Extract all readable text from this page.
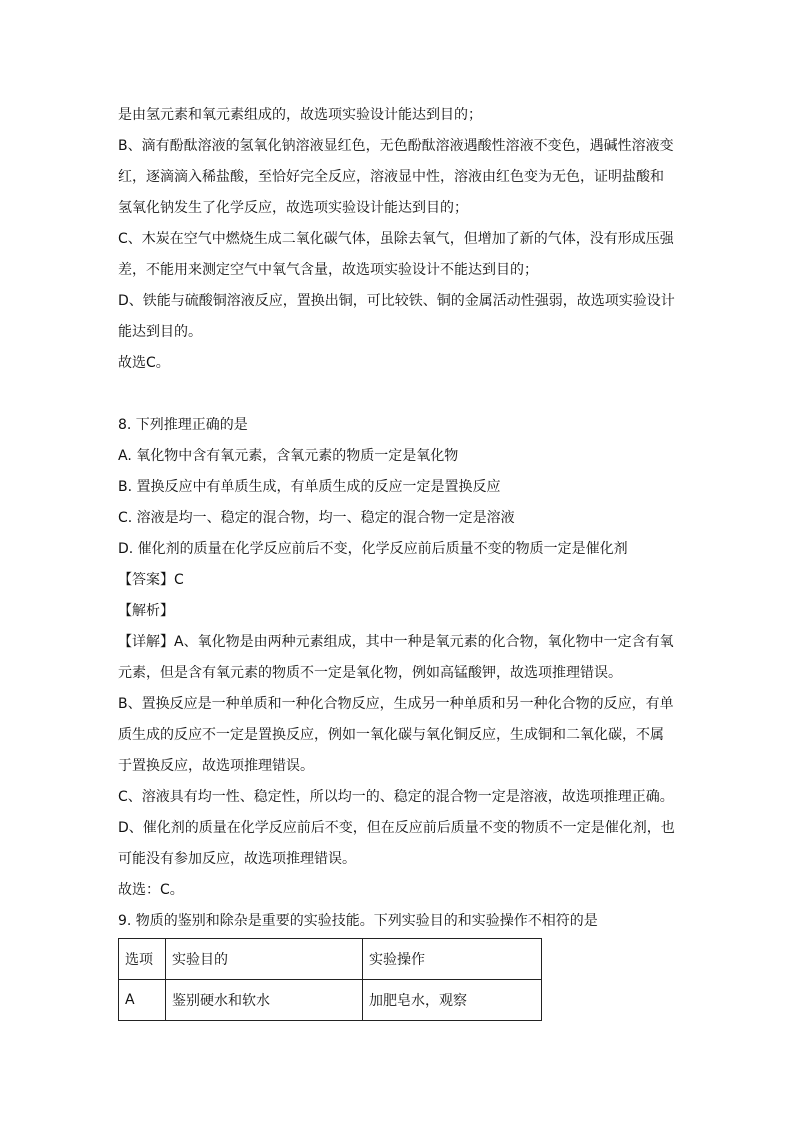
是由氢元素和氧元素组成的，故选项实验设计能达到目的；
B、滴有酚酞溶液的氢氧化钠溶液显红色，无色酚酞溶液遇酸性溶液不变色，遇碱性溶液变
红，逐滴滴入稀盐酸，至恰好完全反应，溶液显中性，溶液由红色变为无色，证明盐酸和
氢氧化钠发生了化学反应，故选项实验设计能达到目的；
C、木炭在空气中燃烧生成二氧化碳气体，虽除去氧气，但增加了新的气体，没有形成压强
差，不能用来测定空气中氧气含量，故选项实验设计不能达到目的；
D、铁能与硫酸铜溶液反应，置换出铜，可比较铁、铜的金属活动性强弱，故选项实验设计
能达到目的。
故选C。
8. 下列推理正确的是
A. 氧化物中含有氧元素，含氧元素的物质一定是氧化物
B. 置换反应中有单质生成，有单质生成的反应一定是置换反应
C. 溶液是均一、稳定的混合物，均一、稳定的混合物一定是溶液
D. 催化剂的质量在化学反应前后不变，化学反应前后质量不变的物质一定是催化剂
【答案】C
【解析】
【详解】A、氧化物是由两种元素组成，其中一种是氧元素的化合物，氧化物中一定含有氧
元素，但是含有氧元素的物质不一定是氧化物，例如高锰酸钾，故选项推理错误。
B、置换反应是一种单质和一种化合物反应，生成另一种单质和另一种化合物的反应，有单
质生成的反应不一定是置换反应，例如一氧化碳与氧化铜反应，生成铜和二氧化碳，不属
于置换反应，故选项推理错误。
C、溶液具有均一性、稳定性，所以均一的、稳定的混合物一定是溶液，故选项推理正确。
D、催化剂的质量在化学反应前后不变，但在反应前后质量不变的物质不一定是催化剂，也
可能没有参加反应，故选项推理错误。
故选：C。
9. 物质的鉴别和除杂是重要的实验技能。下列实验目的和实验操作不相符的是
选项	实验目的	实验操作
A	鉴别硬水和软水	加肥皂水，观察
